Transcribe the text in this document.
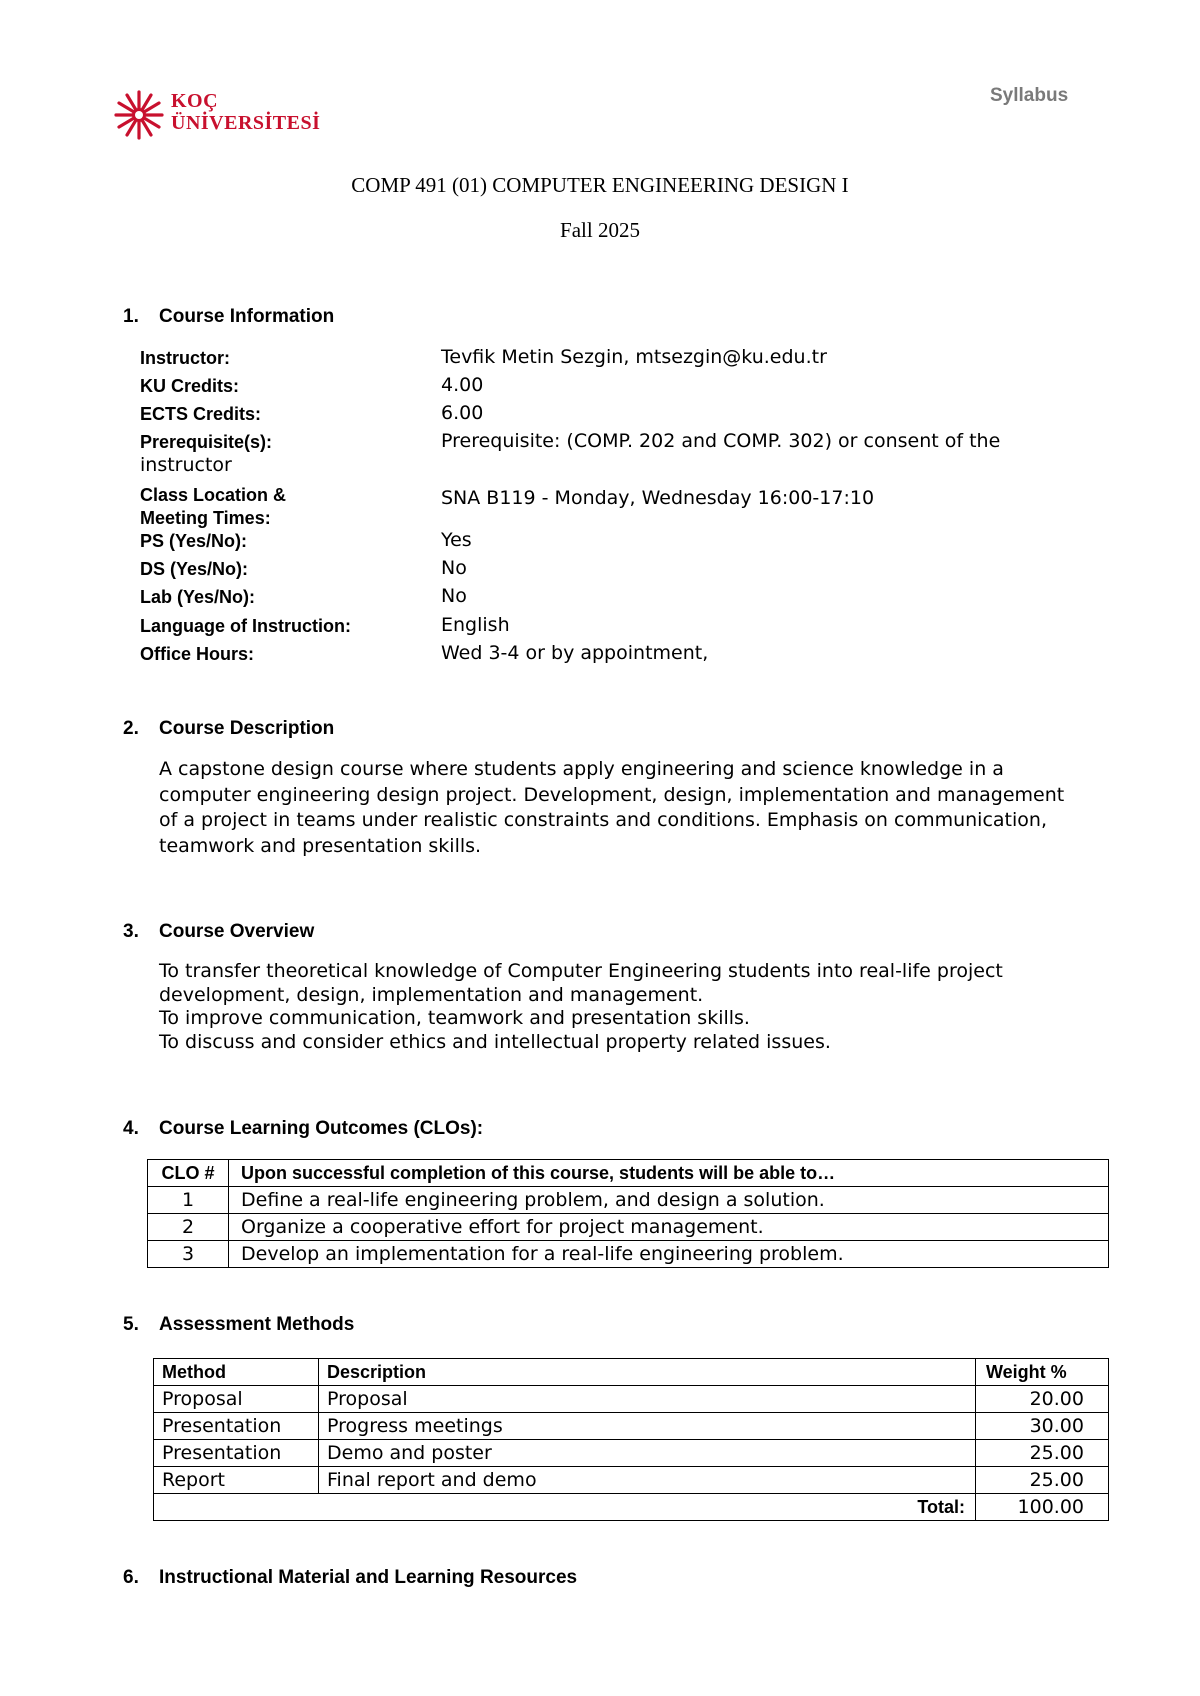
KOÇ
ÜNİVERSİTESİ
Syllabus
COMP 491 (01) COMPUTER ENGINEERING DESIGN I
Fall 2025
1. Course Information
Instructor:	Tevfik Metin Sezgin, mtsezgin@ku.edu.tr
KU Credits:	4.00
ECTS Credits:	6.00
Prerequisite(s):	Prerequisite: (COMP. 202 and COMP. 302) or consent of the
instructor
Class Location &
Meeting Times:
SNA B119 - Monday, Wednesday 16:00-17:10
PS (Yes/No):	Yes
DS (Yes/No):	No
Lab (Yes/No):	No
Language of Instruction:	English
Office Hours:	Wed 3-4 or by appointment,
2. Course Description
A capstone design course where students apply engineering and science knowledge in a
computer engineering design project. Development, design, implementation and management
of a project in teams under realistic constraints and conditions. Emphasis on communication,
teamwork and presentation skills.
3. Course Overview
To transfer theoretical knowledge of Computer Engineering students into real-life project
development, design, implementation and management.
To improve communication, teamwork and presentation skills.
To discuss and consider ethics and intellectual property related issues.
4. Course Learning Outcomes (CLOs):
CLO #	Upon successful completion of this course, students will be able to…
1	Define a real-life engineering problem, and design a solution.
2	Organize a cooperative effort for project management.
3	Develop an implementation for a real-life engineering problem.
5. Assessment Methods
Method	Description	Weight %
Proposal	Proposal	20.00
Presentation	Progress meetings	30.00
Presentation	Demo and poster	25.00
Report	Final report and demo	25.00
Total:		100.00
6. Instructional Material and Learning Resources
